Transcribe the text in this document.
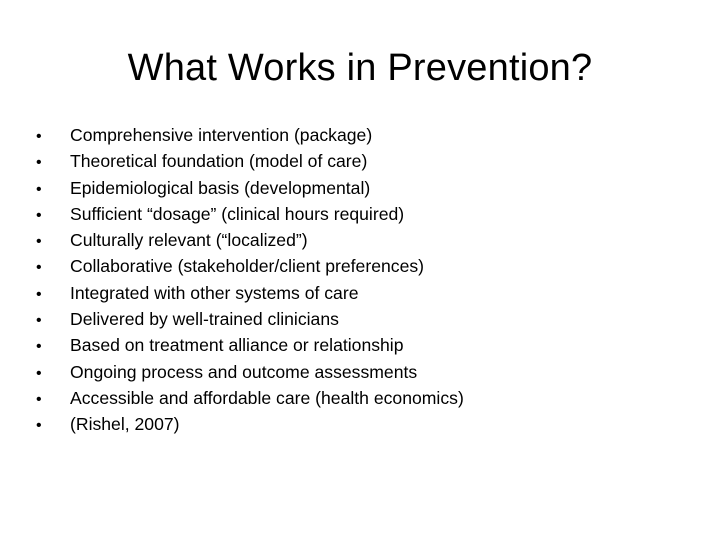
What Works in Prevention?
•	Comprehensive intervention (package)
•	Theoretical foundation (model of care)
•	Epidemiological basis (developmental)
•	Sufficient “dosage” (clinical hours required)
•	Culturally relevant (“localized”)
•	Collaborative (stakeholder/client preferences)
•	Integrated with other systems of care
•	Delivered by well-trained clinicians
•	Based on treatment alliance or relationship
•	Ongoing process and outcome assessments
•	Accessible and affordable care (health economics)
•	(Rishel, 2007)
